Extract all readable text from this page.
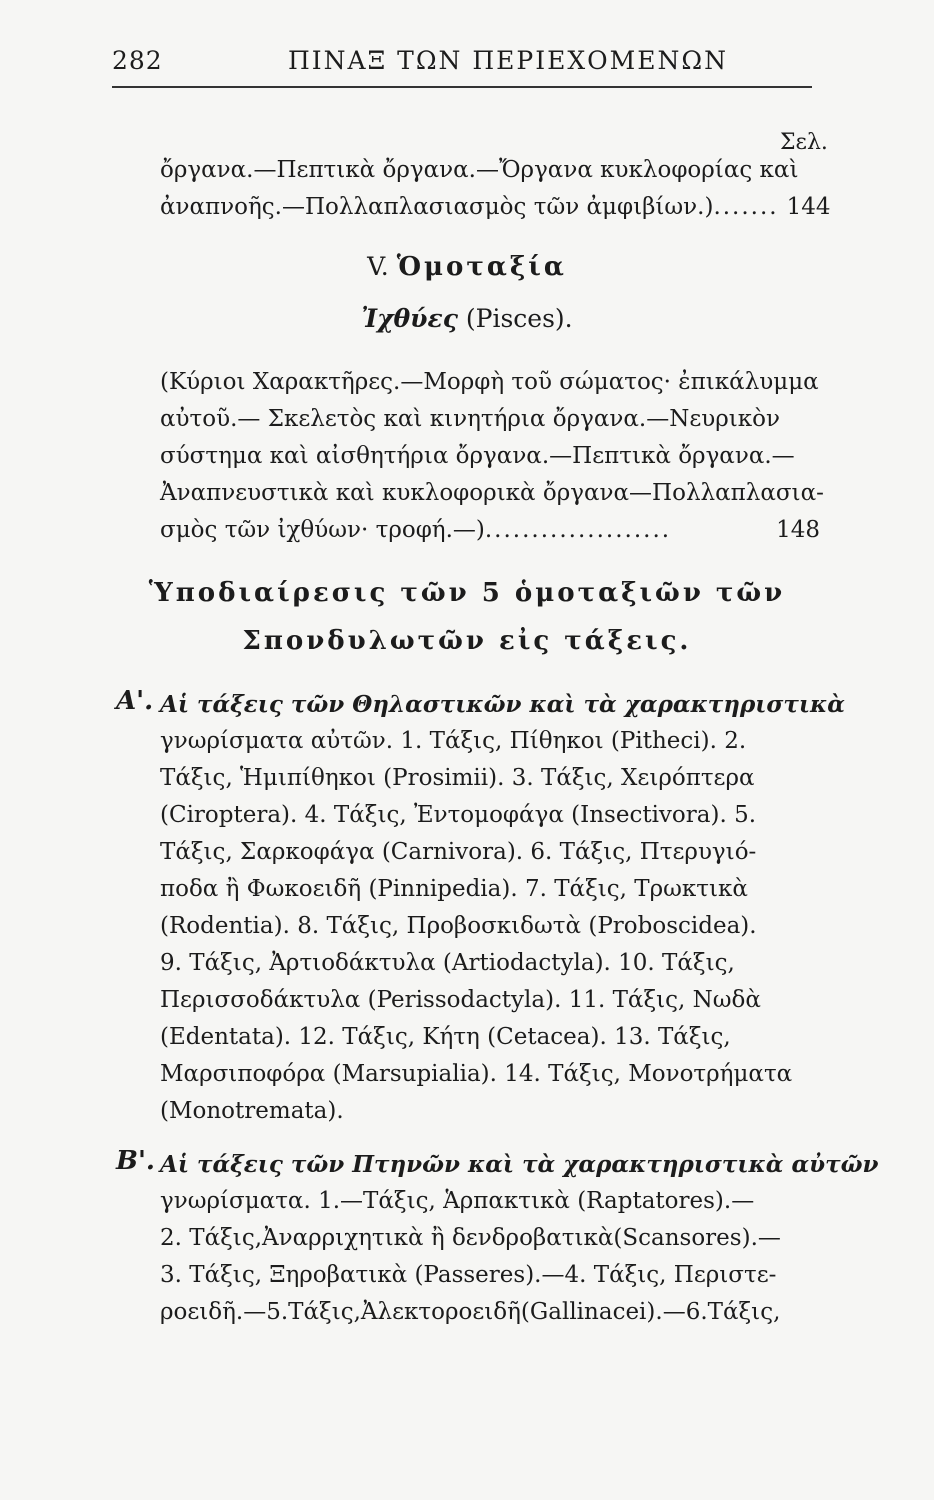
282	ΠΙΝΑΞ ΤΩΝ ΠΕΡΙΕΧΟΜΕΝΩΝ
Σελ.
ὄργανα.—Πεπτικὰ ὄργανα.—Ὄργανα κυκλοφορίας καὶ
ἀναπνοῆς.—Πολλαπλασιασμὸς τῶν ἀμφιβίων.) ....... 144
V. Ὁμοταξία
Ἰχθύες (Pisces).
(Κύριοι Χαρακτῆρες.—Μορφὴ τοῦ σώματος· ἐπικάλυμμα
αὐτοῦ.— Σκελετὸς καὶ κινητήρια ὄργανα.—Νευρικὸν
σύστημα καὶ αἰσθητήρια ὄργανα.—Πεπτικὰ ὄργανα.—
Ἀναπνευστικὰ καὶ κυκλοφορικὰ ὄργανα—Πολλαπλασια-
σμὸς τῶν ἰχθύων· τροφή.—) ....................	148
Ὑποδιαίρεσις τῶν 5 ὁμοταξιῶν τῶν
Σπονδυλωτῶν εἰς τάξεις.
Α'. Αἱ τάξεις τῶν Θηλαστικῶν καὶ τὰ χαρακτηριστικὰ
γνωρίσματα αὐτῶν. 1. Τάξις, Πίθηκοι (Pitheci). 2.
Τάξις, Ἡμιπίθηκοι (Prosimii). 3. Τάξις, Χειρόπτερα
(Ciroptera). 4. Τάξις, Ἐντομοφάγα (Insectivora). 5.
Τάξις, Σαρκοφάγα (Carnivora). 6. Τάξις, Πτερυγιό-
ποδα ἢ Φωκοειδῆ (Pinnipedia). 7. Τάξις, Τρωκτικὰ
(Rodentia). 8. Τάξις, Προβοσκιδωτὰ (Proboscidea).
9. Τάξις, Ἀρτιοδάκτυλα (Artiodactyla). 10. Τάξις,
Περισσοδάκτυλα (Perissodactyla). 11. Τάξις, Νωδὰ
(Edentata). 12. Τάξις, Κήτη (Cetacea). 13. Τάξις,
Μαρσιποφόρα (Marsupialia). 14. Τάξις, Μονοτρήματα
(Monotremata).
Β'. Αἱ τάξεις τῶν Πτηνῶν καὶ τὰ χαρακτηριστικὰ αὐτῶν
γνωρίσματα. 1.—Τάξις, Ἁρπακτικὰ (Raptatores).—
2. Τάξις,Ἀναρριχητικὰ ἢ δενδροβατικὰ(Scansores).—
3. Τάξις, Ξηροβατικὰ (Passeres).—4. Τάξις, Περιστε-
ροειδῆ.—5.Τάξις,Ἀλεκτοροειδῆ(Gallinacei).—6.Τάξις,
